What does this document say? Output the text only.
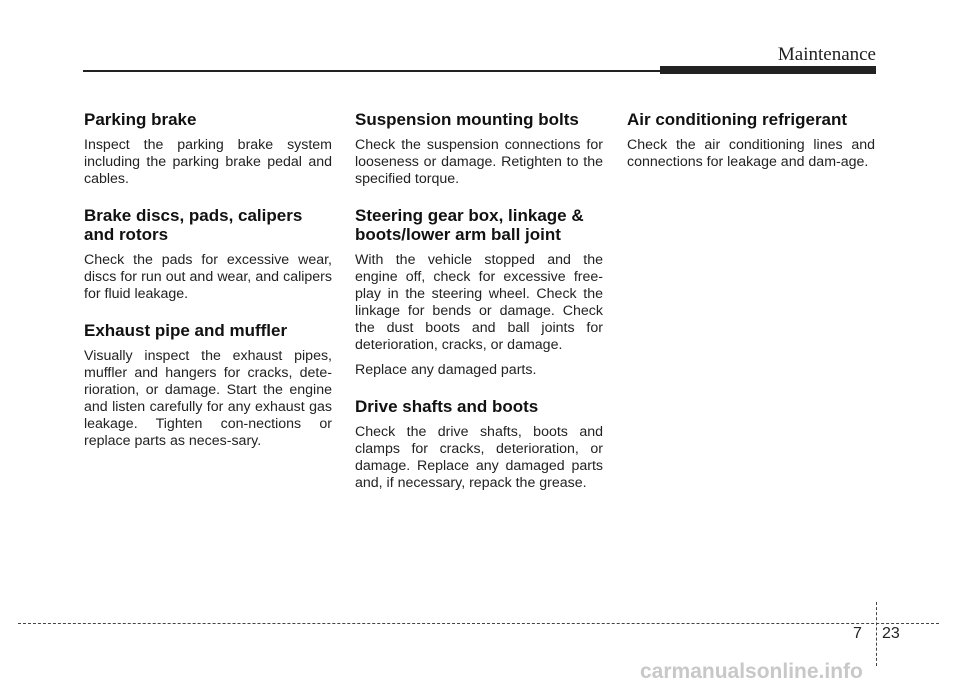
Maintenance
Parking brake

Inspect the parking brake system including the parking brake pedal and cables.

Brake discs, pads, calipers and rotors

Check the pads for excessive wear, discs for run out and wear, and calipers for fluid leakage.

Exhaust pipe and muffler

Visually inspect the exhaust pipes, muffler and hangers for cracks, dete-rioration, or damage. Start the engine and listen carefully for any exhaust gas leakage. Tighten con-nections or replace parts as neces-sary.

Suspension mounting bolts

Check the suspension connections for looseness or damage. Retighten to the specified torque.

Steering gear box, linkage & boots/lower arm ball joint

With the vehicle stopped and the engine off, check for excessive free-play in the steering wheel. Check the linkage for bends or damage. Check the dust boots and ball joints for deterioration, cracks, or damage.

Replace any damaged parts.

Drive shafts and boots

Check the drive shafts, boots and clamps for cracks, deterioration, or damage. Replace any damaged parts and, if necessary, repack the grease.

Air conditioning refrigerant

Check the air conditioning lines and connections for leakage and dam-age.

7 23
carmanualsonline.info
